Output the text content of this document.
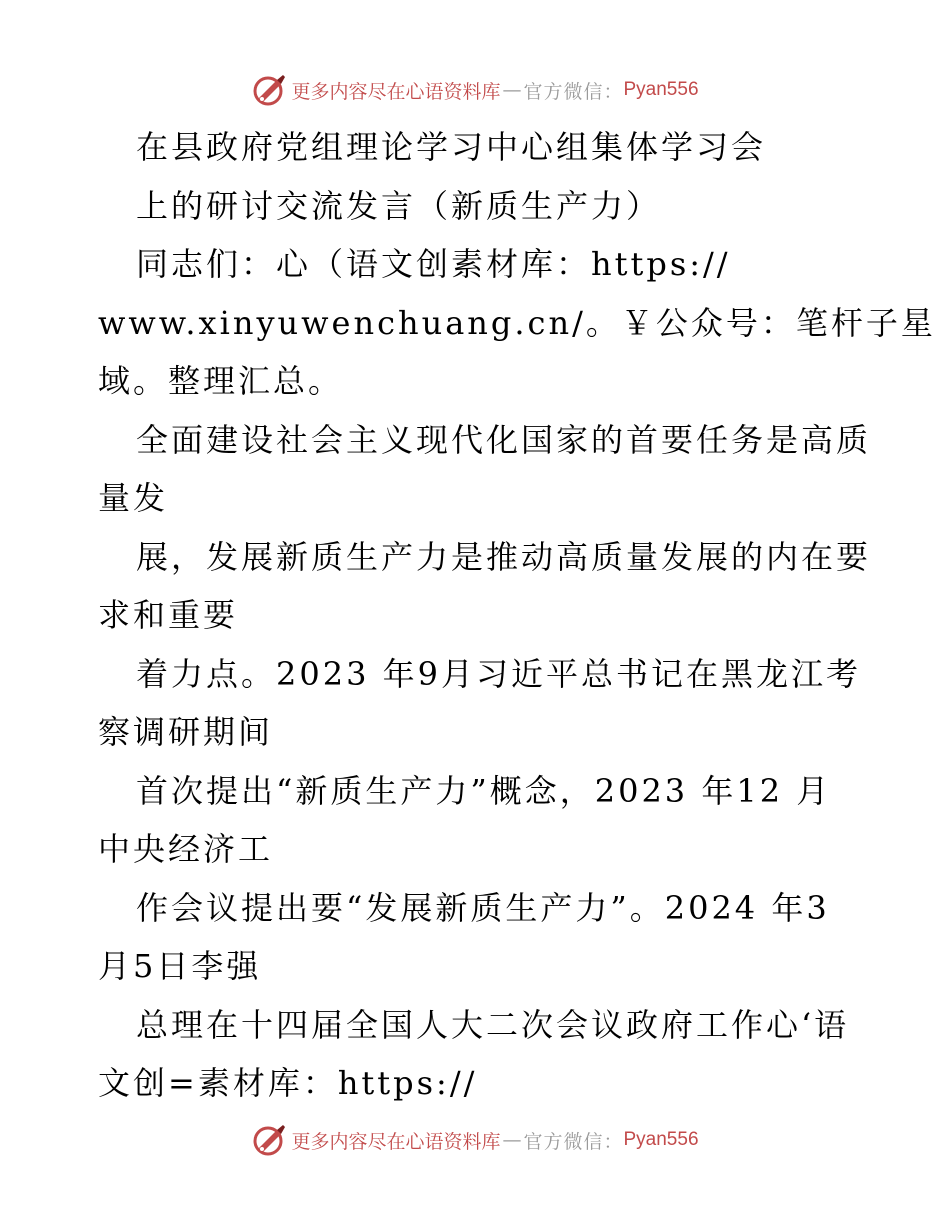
更多内容尽在心语资料库 — 官方微信： Pyan556
在县政府党组理论学习中心组集体学习会
上的研讨交流发言（新质生产力）
同志们：心（语文创素材库：https://
www.xinyuwenchuang.cn/。￥公众号：笔杆子星
域。整理汇总。
全面建设社会主义现代化国家的首要任务是高质
量发
展，发展新质生产力是推动高质量发展的内在要
求和重要
着力点。2023 年9月习近平总书记在黑龙江考
察调研期间
首次提出“新质生产力”概念，2023 年12 月
中央经济工
作会议提出要“发展新质生产力”。2024 年3
月5日李强
总理在十四届全国人大二次会议政府工作心‘语
文创=素材库：https://
更多内容尽在心语资料库 — 官方微信： Pyan556
